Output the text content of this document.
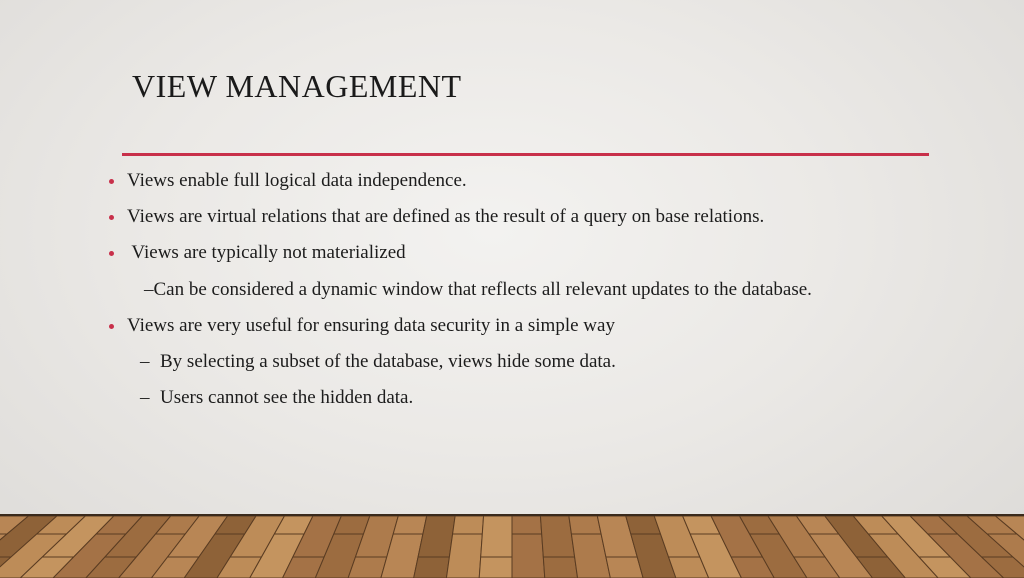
VIEW MANAGEMENT
Views enable full logical data independence.
Views are virtual relations that are defined as the result of a query on base relations.
Views are typically not materialized
–Can be considered a dynamic window that reflects all relevant updates to the database.
Views are very useful for ensuring data security in a simple way
– By selecting a subset of the database, views hide some data.
– Users cannot see the hidden data.
